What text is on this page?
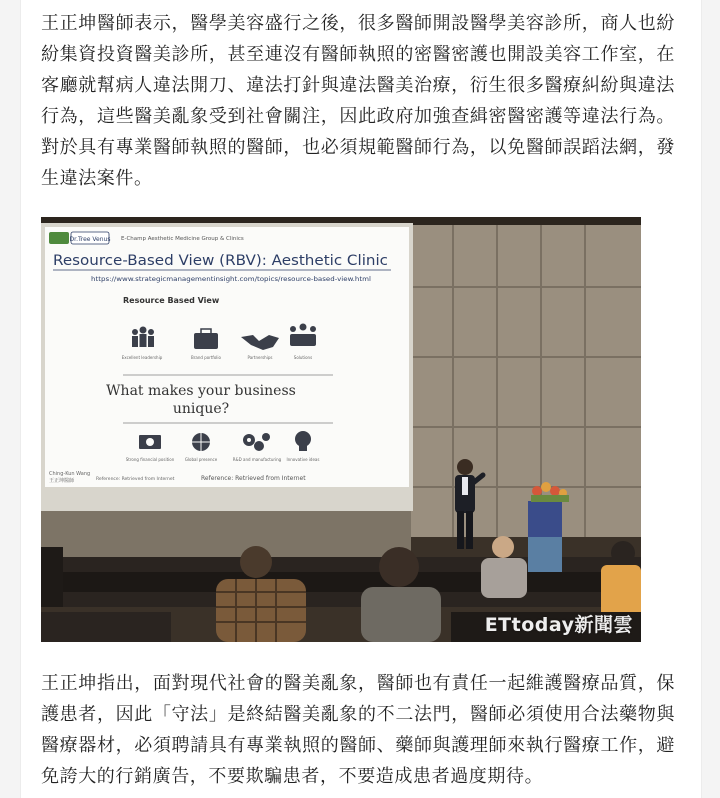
王正坤醫師表示，醫學美容盛行之後，很多醫師開設醫學美容診所，商人也紛紛集資投資醫美診所，甚至連沒有醫師執照的密醫密護也開設美容工作室，在客廳就幫病人違法開刀、違法打針與違法醫美治療，衍生很多醫療糾紛與違法行為，這些醫美亂象受到社會關注，因此政府加強查緝密醫密護等違法行為。對於具有專業醫師執照的醫師，也必須規範醫師行為，以免醫師誤蹈法網，發生違法案件。

Dr.Tree Venus E-Champ Aesthetic Medicine Group & Clinics
Resource-Based View (RBV): Aesthetic Clinic
https://www.strategicmanagementinsight.com/topics/resource-based-view.html
Resource Based View
Excellent leadership	Brand portfolio	Partnerships	Solutions
What makes your business
unique?
Strong financial position	Global presence	R&D and manufacturing Innovative ideas
Ching-Kun Wang
王正坤醫師	Reference: Retrieved from Internet	Reference: Retrieved from Internet
ETtoday新聞雲

王正坤指出，面對現代社會的醫美亂象，醫師也有責任一起維護醫療品質，保護患者，因此「守法」是終結醫美亂象的不二法門，醫師必須使用合法藥物與醫療器材，必須聘請具有專業執照的醫師、藥師與護理師來執行醫療工作，避免誇大的行銷廣告，不要欺騙患者，不要造成患者過度期待。
